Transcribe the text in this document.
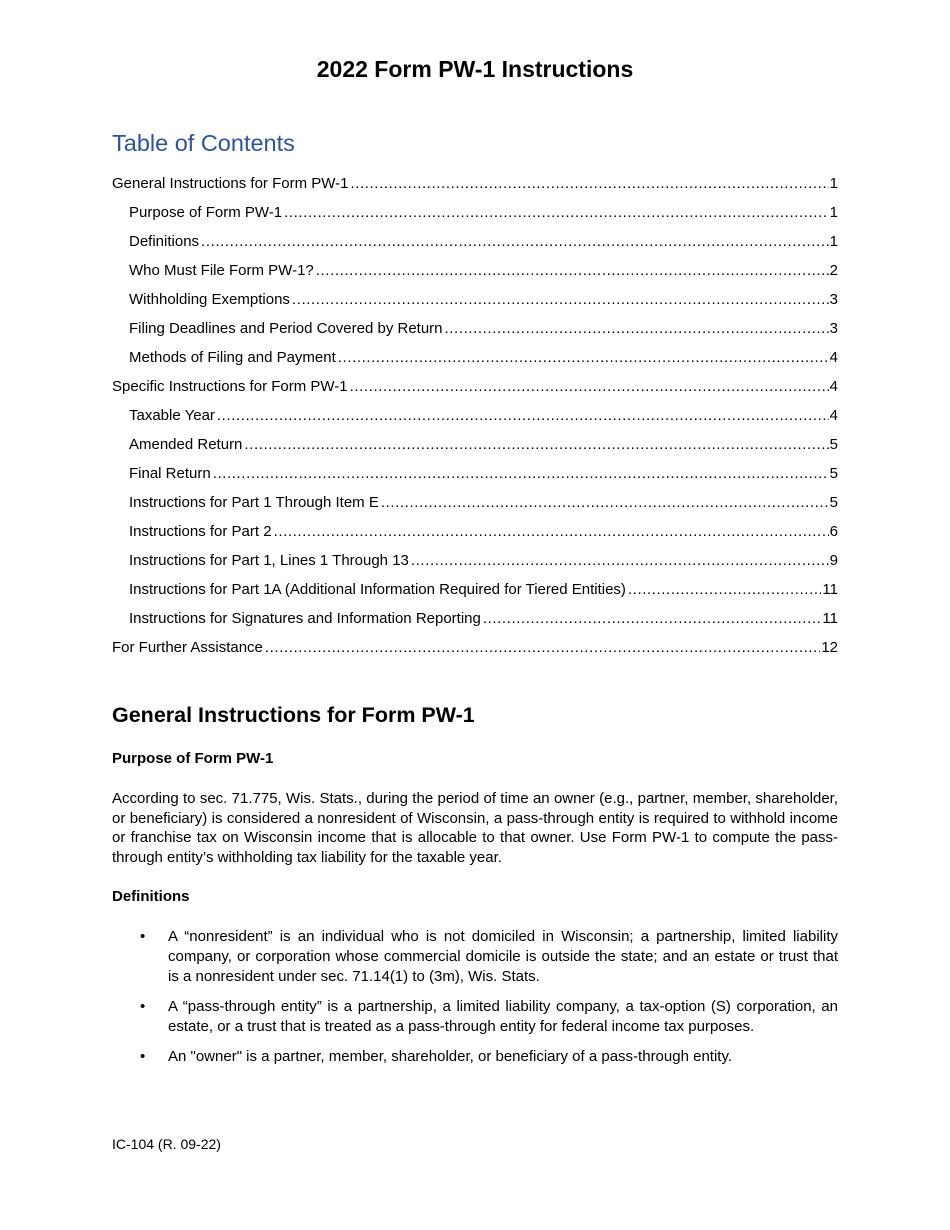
2022 Form PW-1 Instructions
Table of Contents
General Instructions for Form PW-1 .....	1
Purpose of Form PW-1 .....	1
Definitions .....	1
Who Must File Form PW-1? .....	2
Withholding Exemptions .....	3
Filing Deadlines and Period Covered by Return .....	3
Methods of Filing and Payment .....	4
Specific Instructions for Form PW-1 .....	4
Taxable Year .....	4
Amended Return .....	5
Final Return .....	5
Instructions for Part 1 Through Item E .....	5
Instructions for Part 2 .....	6
Instructions for Part 1, Lines 1 Through 13 .....	9
Instructions for Part 1A (Additional Information Required for Tiered Entities) .....	11
Instructions for Signatures and Information Reporting .....	11
For Further Assistance .....	12
General Instructions for Form PW-1
Purpose of Form PW-1

According to sec. 71.775, Wis. Stats., during the period of time an owner (e.g., partner, member, shareholder, or beneficiary) is considered a nonresident of Wisconsin, a pass-through entity is required to withhold income or franchise tax on Wisconsin income that is allocable to that owner. Use Form PW-1 to compute the pass-through entity’s withholding tax liability for the taxable year.

Definitions
• A “nonresident” is an individual who is not domiciled in Wisconsin; a partnership, limited liability company, or corporation whose commercial domicile is outside the state; and an estate or trust that is a nonresident under sec. 71.14(1) to (3m), Wis. Stats.
• A “pass-through entity” is a partnership, a limited liability company, a tax-option (S) corporation, an estate, or a trust that is treated as a pass-through entity for federal income tax purposes.
• An "owner" is a partner, member, shareholder, or beneficiary of a pass-through entity.
IC-104 (R. 09-22)
